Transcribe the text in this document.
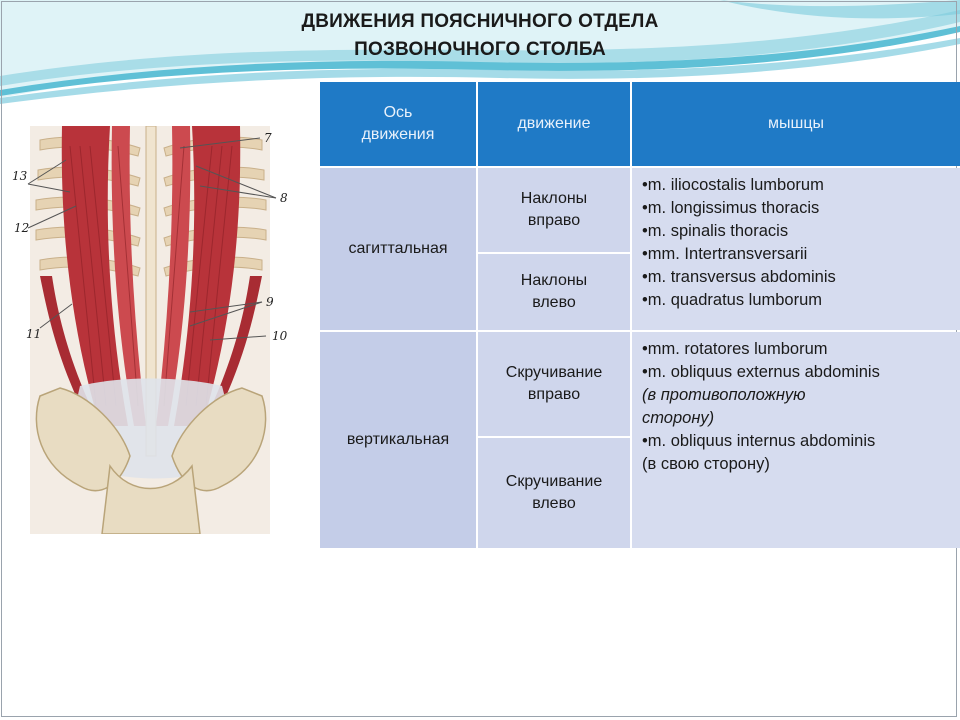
ДВИЖЕНИЯ ПОЯСНИЧНОГО ОТДЕЛА
ПОЗВОНОЧНОГО СТОЛБА
7
8
9
10
11
12
13
Ось
движения
движение	мышцы
сагиттальная
Наклоны
вправо
Наклоны
влево
•m. iliocostalis lumborum
•m. longissimus thoracis
•m. spinalis thoracis
•mm. Intertransversarii
•m. transversus abdominis
•m. quadratus lumborum
вертикальная
Скручивание
вправо
Скручивание
влево
•mm. rotatores lumborum
•m. obliquus externus abdominis
(в противоположную
сторону)
•m. obliquus internus abdominis
(в свою сторону)
